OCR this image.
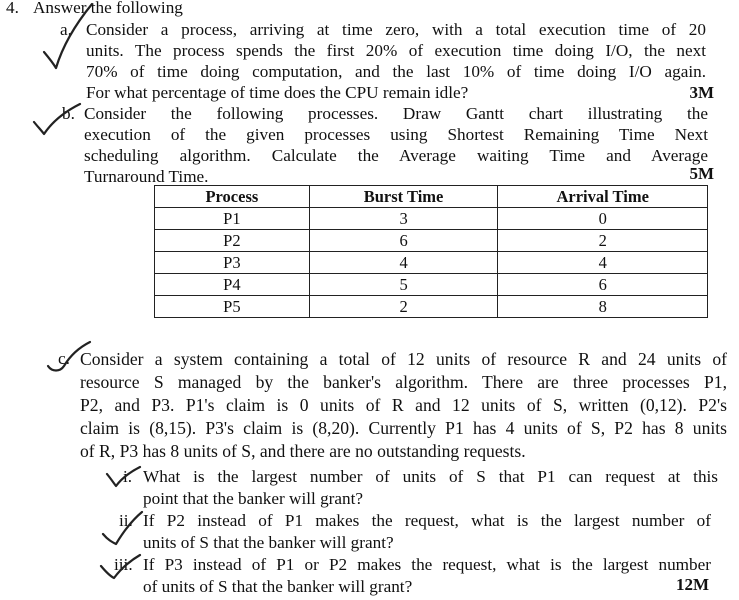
4. Answer the following
a. Consider a process, arriving at time zero, with a total execution time of 20
units. The process spends the first 20% of execution time doing I/O, the next
70% of time doing computation, and the last 10% of time doing I/O again.
For what percentage of time does the CPU remain idle?	3M
b. Consider the following processes. Draw Gantt chart illustrating the
execution of the given processes using Shortest Remaining Time Next
scheduling algorithm. Calculate the Average waiting Time and Average
Turnaround Time.	5M
Process	Burst Time	Arrival Time
P1	3	0
P2	6	2
P3	4	4
P4	5	6
P5	2	8
c. Consider a system containing a total of 12 units of resource R and 24 units of
resource S managed by the banker's algorithm. There are three processes P1,
P2, and P3. P1's claim is 0 units of R and 12 units of S, written (0,12). P2's
claim is (8,15). P3's claim is (8,20). Currently P1 has 4 units of S, P2 has 8 units
of R, P3 has 8 units of S, and there are no outstanding requests.
i. What is the largest number of units of S that P1 can request at this
point that the banker will grant?
ii. If P2 instead of P1 makes the request, what is the largest number of
units of S that the banker will grant?
iii. If P3 instead of P1 or P2 makes the request, what is the largest number
of units of S that the banker will grant?	12M
